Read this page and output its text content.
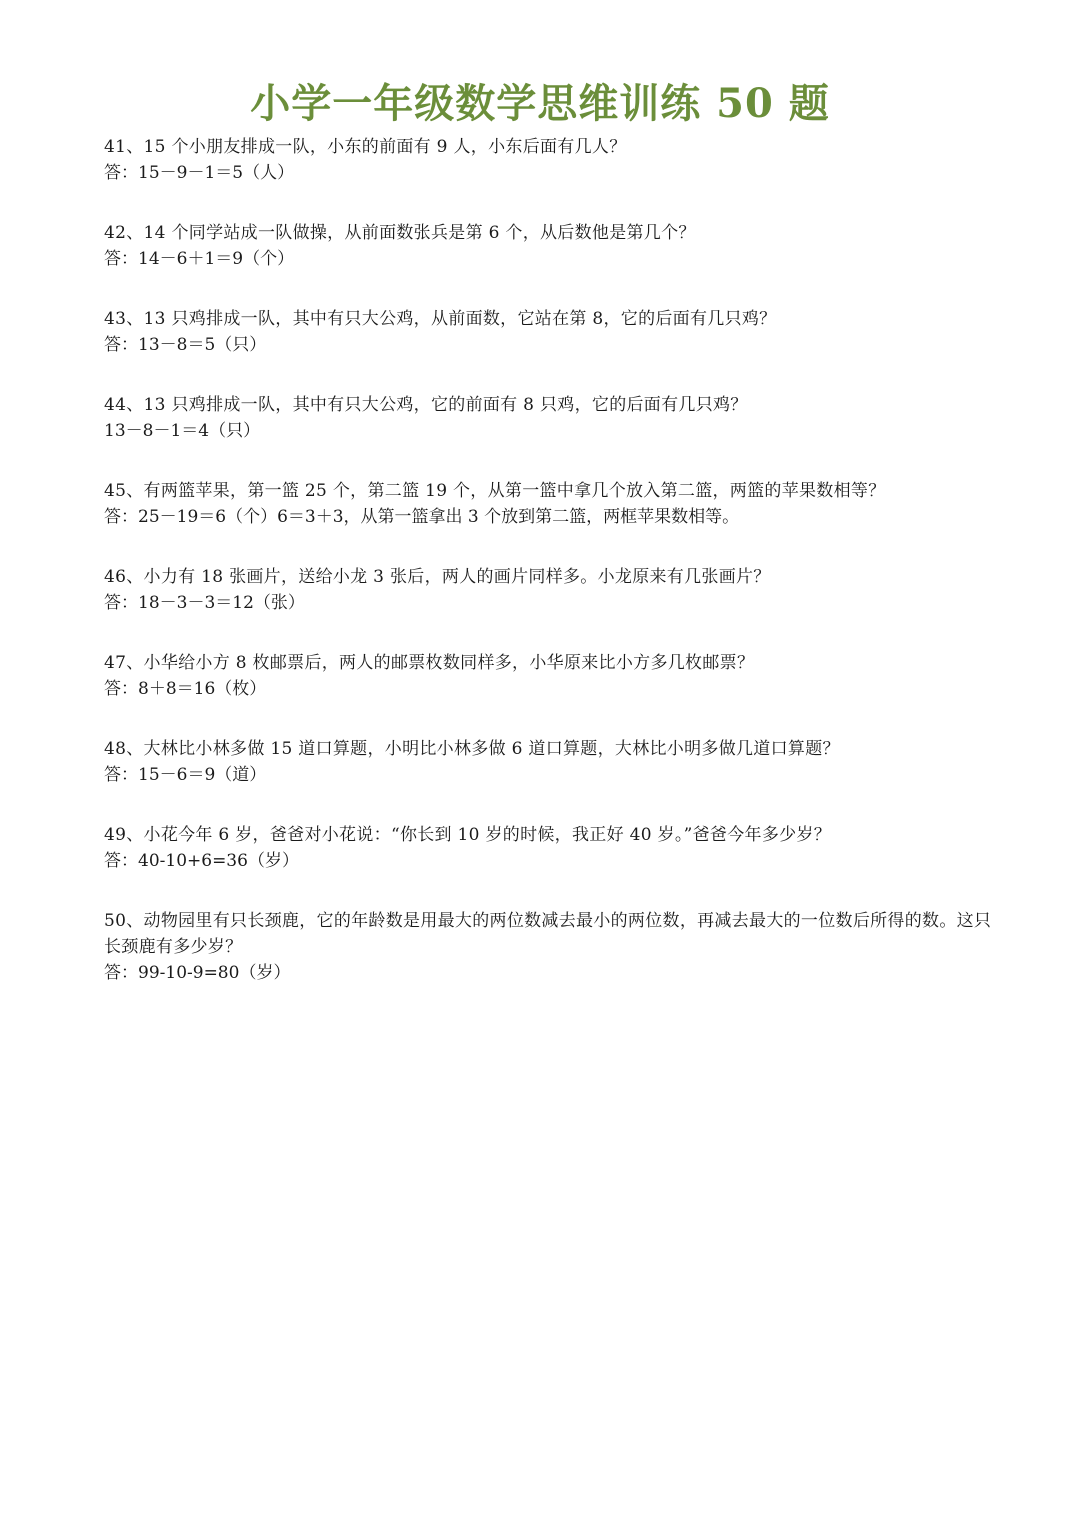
小学一年级数学思维训练 50 题
41、15 个小朋友排成一队，小东的前面有 9 人，小东后面有几人？
答：15－9－1＝5（人）
42、14 个同学站成一队做操，从前面数张兵是第 6 个，从后数他是第几个？
答：14－6＋1＝9（个）
43、13 只鸡排成一队，其中有只大公鸡，从前面数，它站在第 8，它的后面有几只鸡？
答：13－8＝5（只）
44、13 只鸡排成一队，其中有只大公鸡，它的前面有 8 只鸡，它的后面有几只鸡？
13－8－1＝4（只）
45、有两篮苹果，第一篮 25 个，第二篮 19 个，从第一篮中拿几个放入第二篮，两篮的苹果数相等？
答：25－19＝6（个）6＝3＋3，从第一篮拿出 3 个放到第二篮，两框苹果数相等。
46、小力有 18 张画片，送给小龙 3 张后，两人的画片同样多。小龙原来有几张画片？
答：18－3－3＝12（张）
47、小华给小方 8 枚邮票后，两人的邮票枚数同样多，小华原来比小方多几枚邮票？
答：8＋8＝16（枚）
48、大林比小林多做 15 道口算题，小明比小林多做 6 道口算题，大林比小明多做几道口算题？
答：15－6＝9（道）
49、小花今年 6 岁，爸爸对小花说：“你长到 10 岁的时候，我正好 40 岁。”爸爸今年多少岁？
答：40-10+6=36（岁）
50、动物园里有只长颈鹿，它的年龄数是用最大的两位数减去最小的两位数，再减去最大的一位数后所得的数。这只长颈鹿有多少岁？
答：99-10-9=80（岁）
